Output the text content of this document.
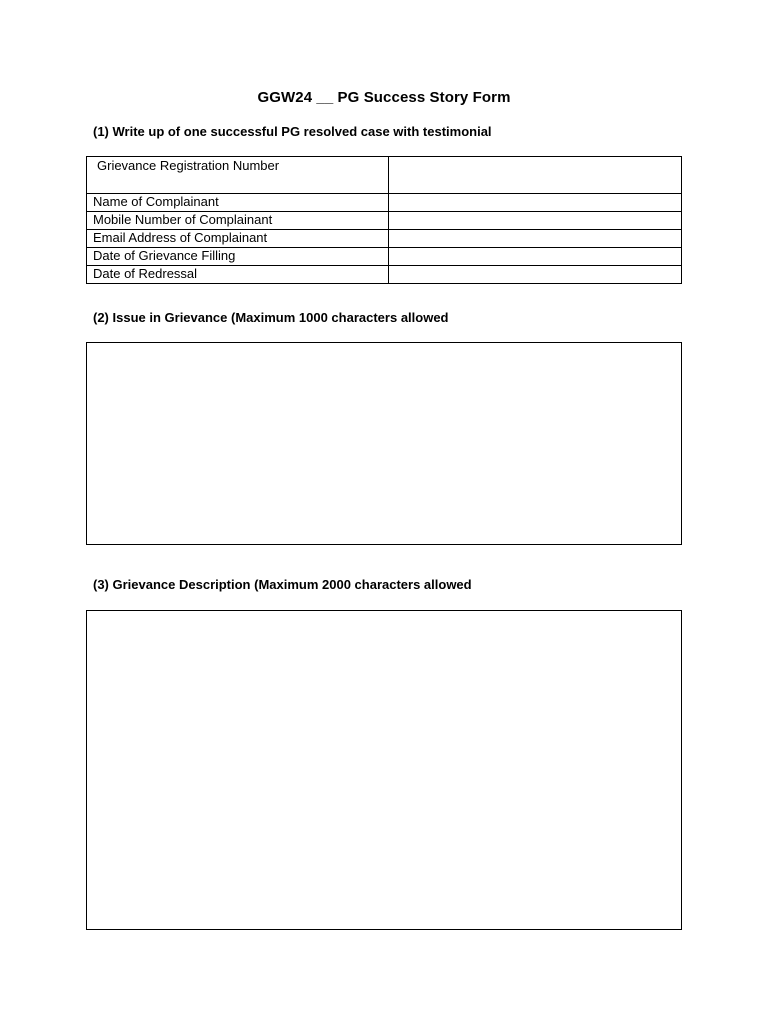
GGW24 __ PG Success Story Form
(1) Write up of one successful PG resolved case with testimonial
Grievance Registration Number	
Name of Complainant	
Mobile Number of Complainant	
Email Address of Complainant	
Date of Grievance Filling	
Date of Redressal	
(2) Issue in Grievance (Maximum 1000 characters allowed
(3) Grievance Description (Maximum 2000 characters allowed
